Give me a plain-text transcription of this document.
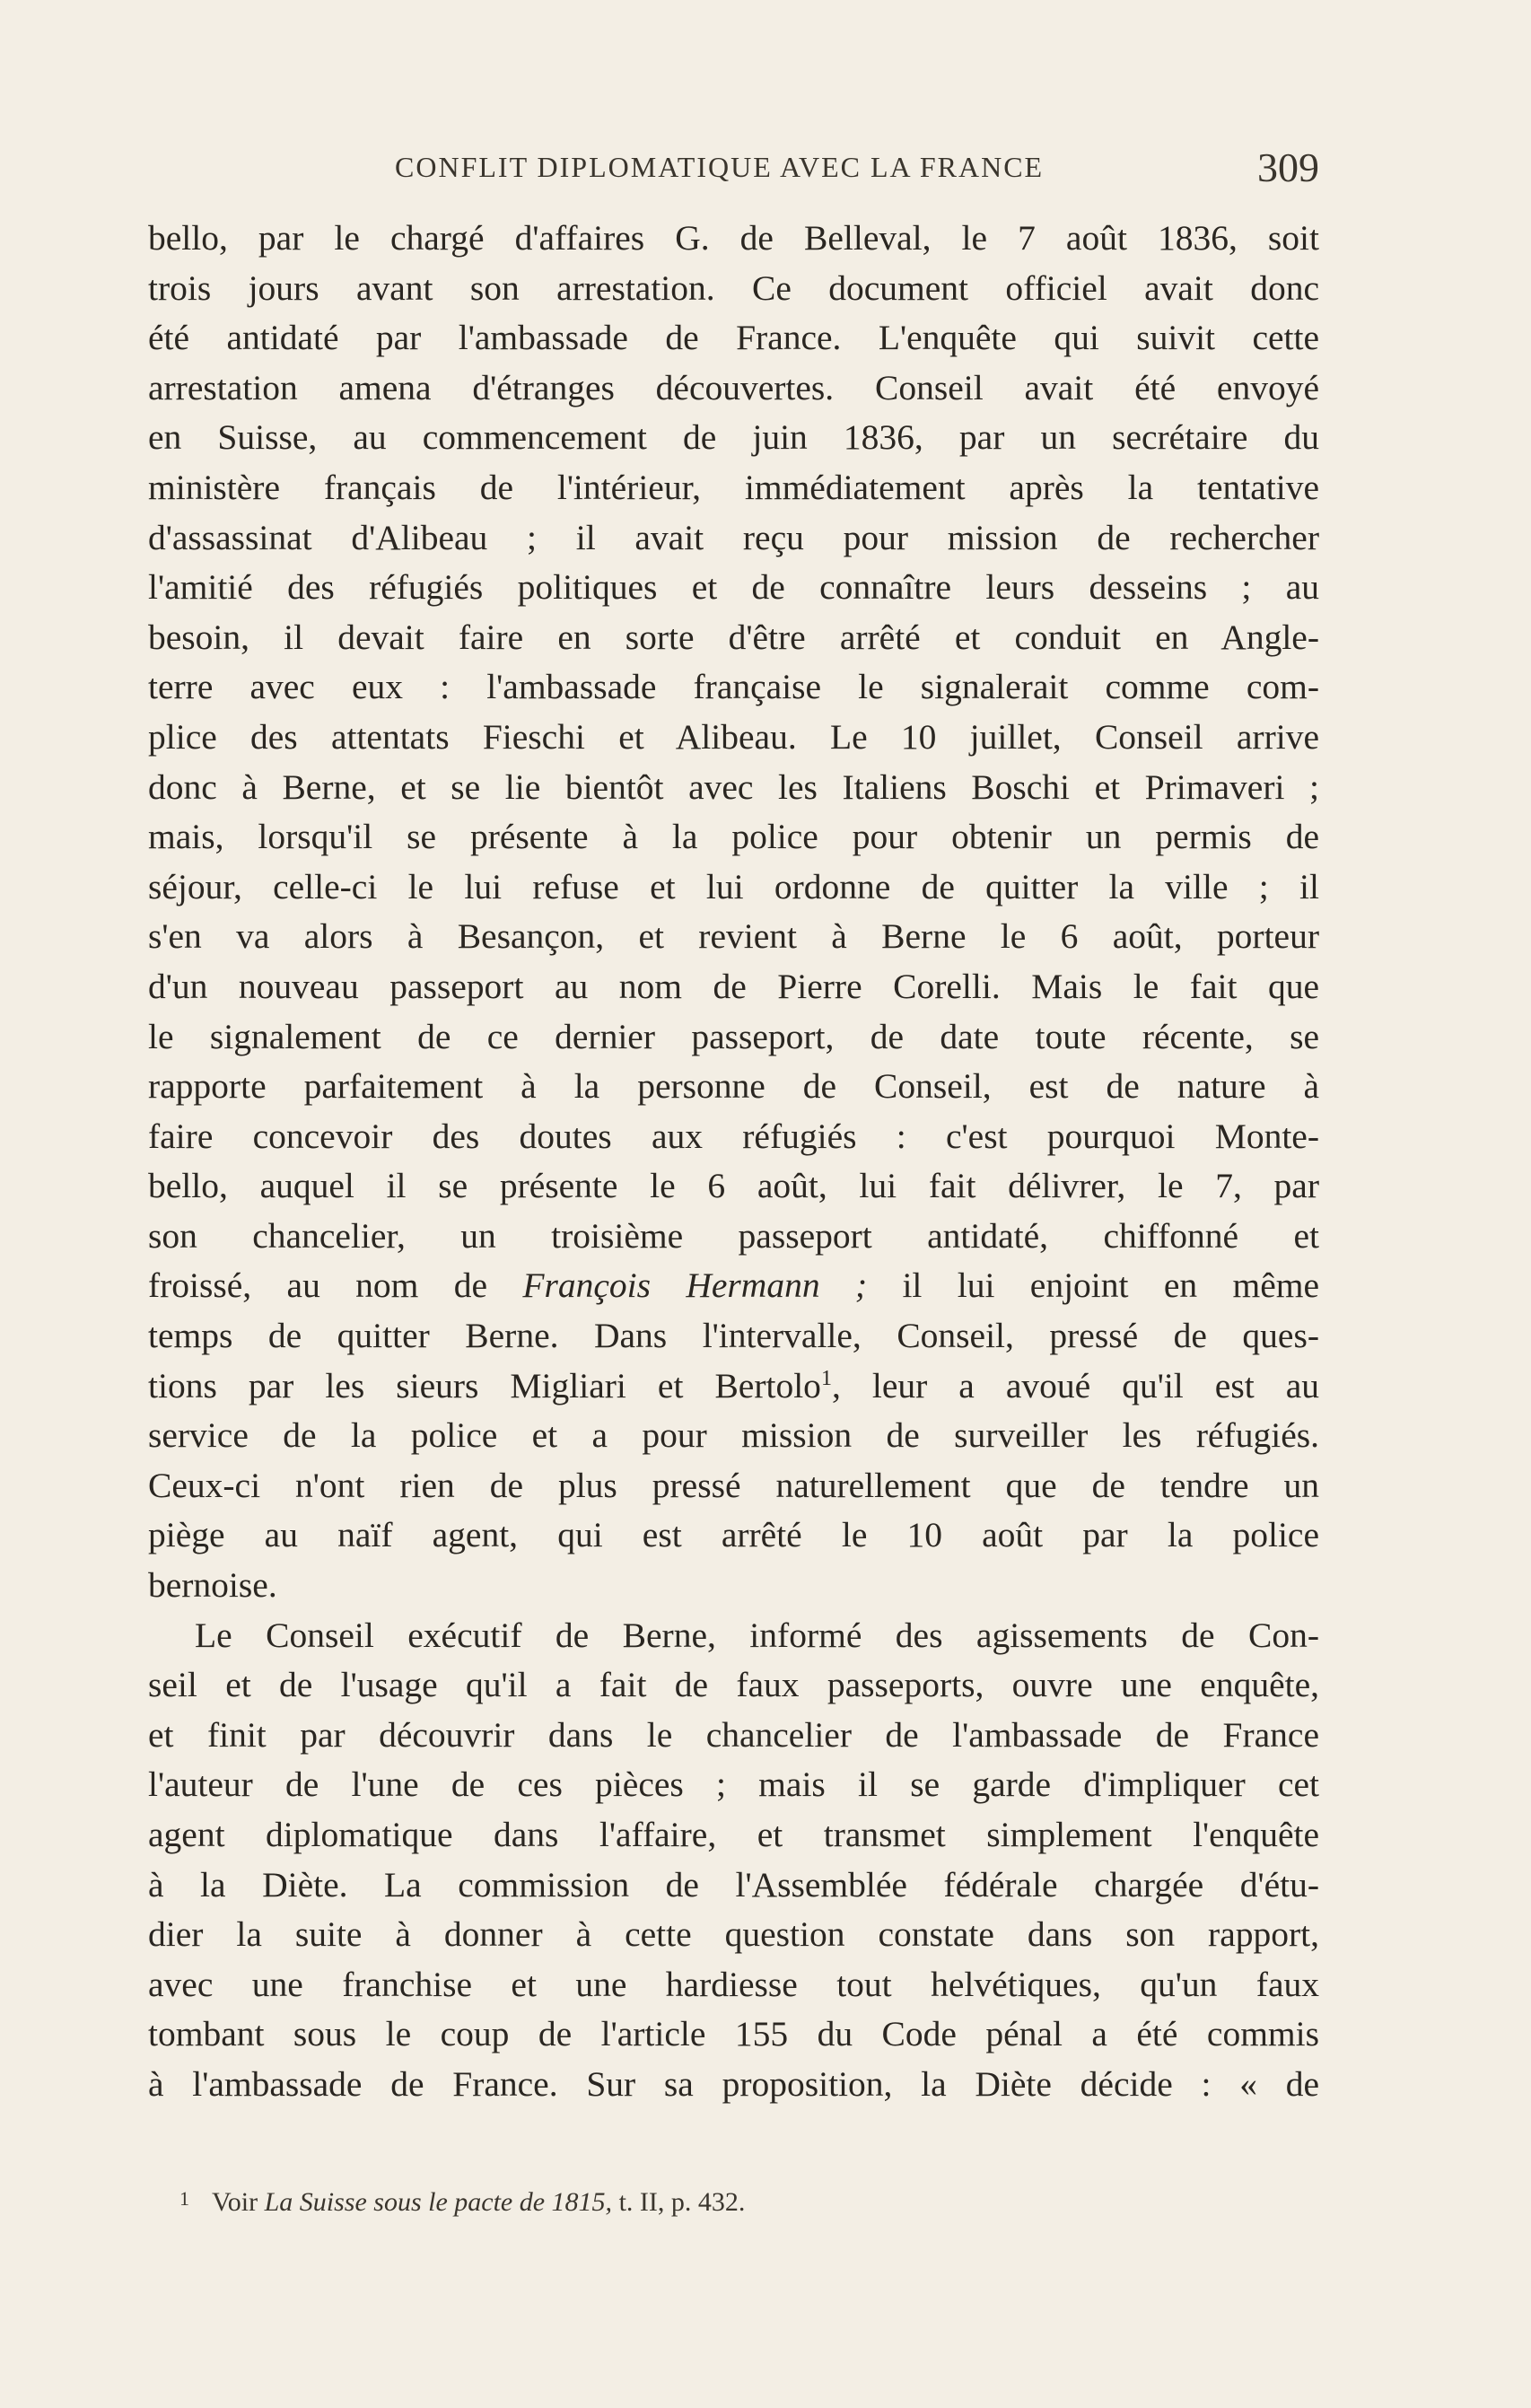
CONFLIT DIPLOMATIQUE AVEC LA FRANCE	309
bello, par le chargé d'affaires G. de Belleval, le 7 août 1836, soit
trois jours avant son arrestation. Ce document officiel avait donc
été antidaté par l'ambassade de France. L'enquête qui suivit cette
arrestation amena d'étranges découvertes. Conseil avait été envoyé
en Suisse, au commencement de juin 1836, par un secrétaire du
ministère français de l'intérieur, immédiatement après la tentative
d'assassinat d'Alibeau ; il avait reçu pour mission de rechercher
l'amitié des réfugiés politiques et de connaître leurs desseins ; au
besoin, il devait faire en sorte d'être arrêté et conduit en Angle-
terre avec eux : l'ambassade française le signalerait comme com-
plice des attentats Fieschi et Alibeau. Le 10 juillet, Conseil arrive
donc à Berne, et se lie bientôt avec les Italiens Boschi et Primaveri ;
mais, lorsqu'il se présente à la police pour obtenir un permis de
séjour, celle-ci le lui refuse et lui ordonne de quitter la ville ; il
s'en va alors à Besançon, et revient à Berne le 6 août, porteur
d'un nouveau passeport au nom de Pierre Corelli. Mais le fait que
le signalement de ce dernier passeport, de date toute récente, se
rapporte parfaitement à la personne de Conseil, est de nature à
faire concevoir des doutes aux réfugiés : c'est pourquoi Monte-
bello, auquel il se présente le 6 août, lui fait délivrer, le 7, par
son chancelier, un troisième passeport antidaté, chiffonné et
froissé, au nom de François Hermann ; il lui enjoint en même
temps de quitter Berne. Dans l'intervalle, Conseil, pressé de ques-
tions par les sieurs Migliari et Bertolo$^1$, leur a avoué qu'il est au
service de la police et a pour mission de surveiller les réfugiés.
Ceux-ci n'ont rien de plus pressé naturellement que de tendre un
piège au naïf agent, qui est arrêté le 10 août par la police
bernoise.
Le Conseil exécutif de Berne, informé des agissements de Con-
seil et de l'usage qu'il a fait de faux passeports, ouvre une enquête,
et finit par découvrir dans le chancelier de l'ambassade de France
l'auteur de l'une de ces pièces ; mais il se garde d'impliquer cet
agent diplomatique dans l'affaire, et transmet simplement l'enquête
à la Diète. La commission de l'Assemblée fédérale chargée d'étu-
dier la suite à donner à cette question constate dans son rapport,
avec une franchise et une hardiesse tout helvétiques, qu'un faux
tombant sous le coup de l'article 155 du Code pénal a été commis
à l'ambassade de France. Sur sa proposition, la Diète décide : « de
$^1$ Voir La Suisse sous le pacte de 1815, t. II, p. 432.
